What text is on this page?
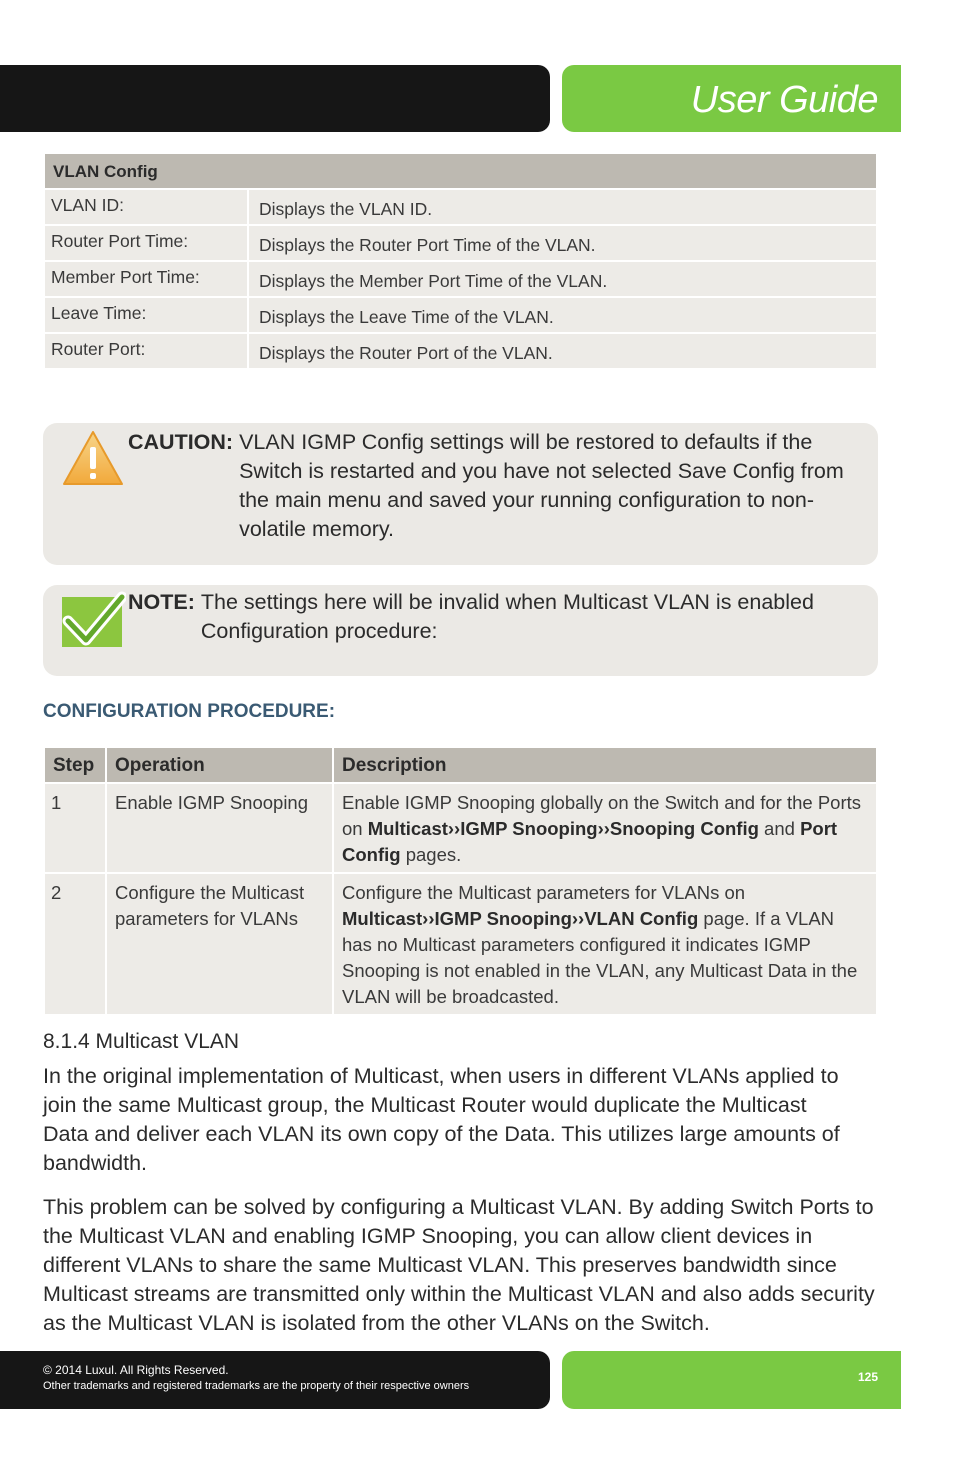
User Guide
VLAN Config	
VLAN ID:	Displays the VLAN ID.
Router Port Time:	Displays the Router Port Time of the VLAN.
Member Port Time:	Displays the Member Port Time of the VLAN.
Leave Time:	Displays the Leave Time of the VLAN.
Router Port:	Displays the Router Port of the VLAN.
CAUTION:
VLAN IGMP Config settings will be restored to defaults if the Switch is restarted and you have not selected Save Config from the main menu and saved your running configuration to non-volatile memory.
NOTE:
The settings here will be invalid when Multicast VLAN is enabled Configuration procedure:
CONFIGURATION PROCEDURE:
Step	Operation	Description
1	Enable IGMP Snooping	Enable IGMP Snooping globally on the Switch and for the Ports on Multicast››IGMP Snooping››Snooping Config and Port Config pages.
2	Configure the Multicast parameters for VLANs	Configure the Multicast parameters for VLANs on Multicast››IGMP Snooping››VLAN Config page. If a VLAN has no Multicast parameters configured it indicates IGMP Snooping is not enabled in the VLAN, any Multicast Data in the VLAN will be broadcasted.
8.1.4 Multicast VLAN
In the original implementation of Multicast, when users in different VLANs applied to join the same Multicast group, the Multicast Router would duplicate the Multicast Data and deliver each VLAN its own copy of the Data. This utilizes large amounts of bandwidth.
This problem can be solved by configuring a Multicast VLAN. By adding Switch Ports to the Multicast VLAN and enabling IGMP Snooping, you can allow client devices in different VLANs to share the same Multicast VLAN. This preserves bandwidth since Multicast streams are transmitted only within the Multicast VLAN and also adds security as the Multicast VLAN is isolated from the other VLANs on the Switch.
© 2014 Luxul. All Rights Reserved.
Other trademarks and registered trademarks are the property of their respective owners
125
